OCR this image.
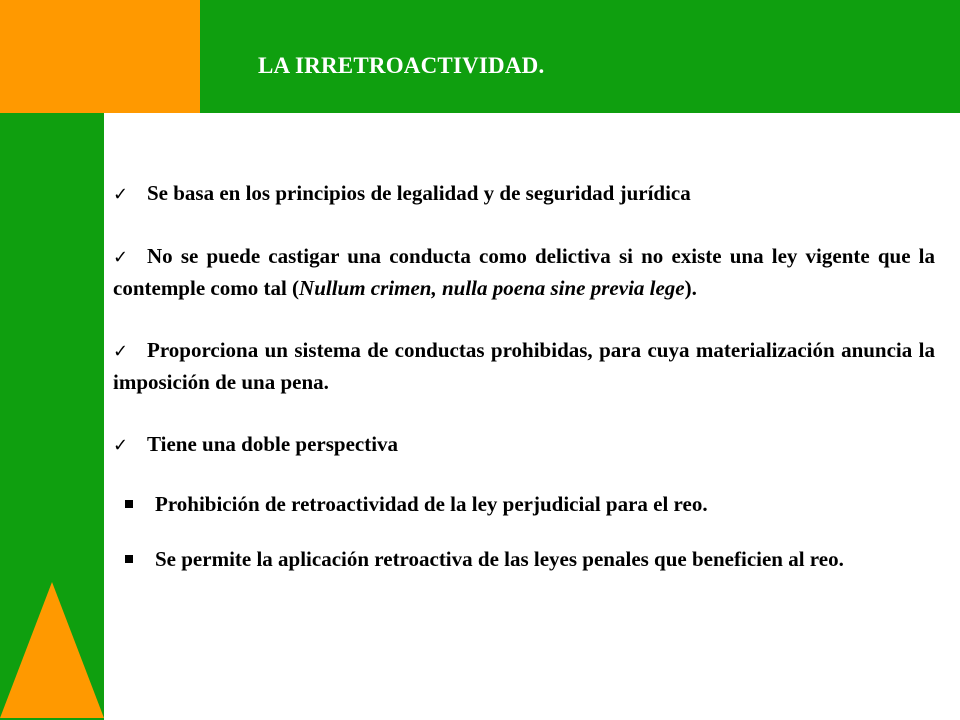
LA IRRETROACTIVIDAD.

✓ Se basa en los principios de legalidad y de seguridad jurídica

✓ No se puede castigar una conducta como delictiva si no existe una ley vigente que la contemple como tal (Nullum crimen, nulla poena sine previa lege).

✓ Proporciona un sistema de conductas prohibidas, para cuya materialización anuncia la imposición de una pena.

✓ Tiene una doble perspectiva

Prohibición de retroactividad de la ley perjudicial para el reo.
Se permite la aplicación retroactiva de las leyes penales que beneficien al reo.
